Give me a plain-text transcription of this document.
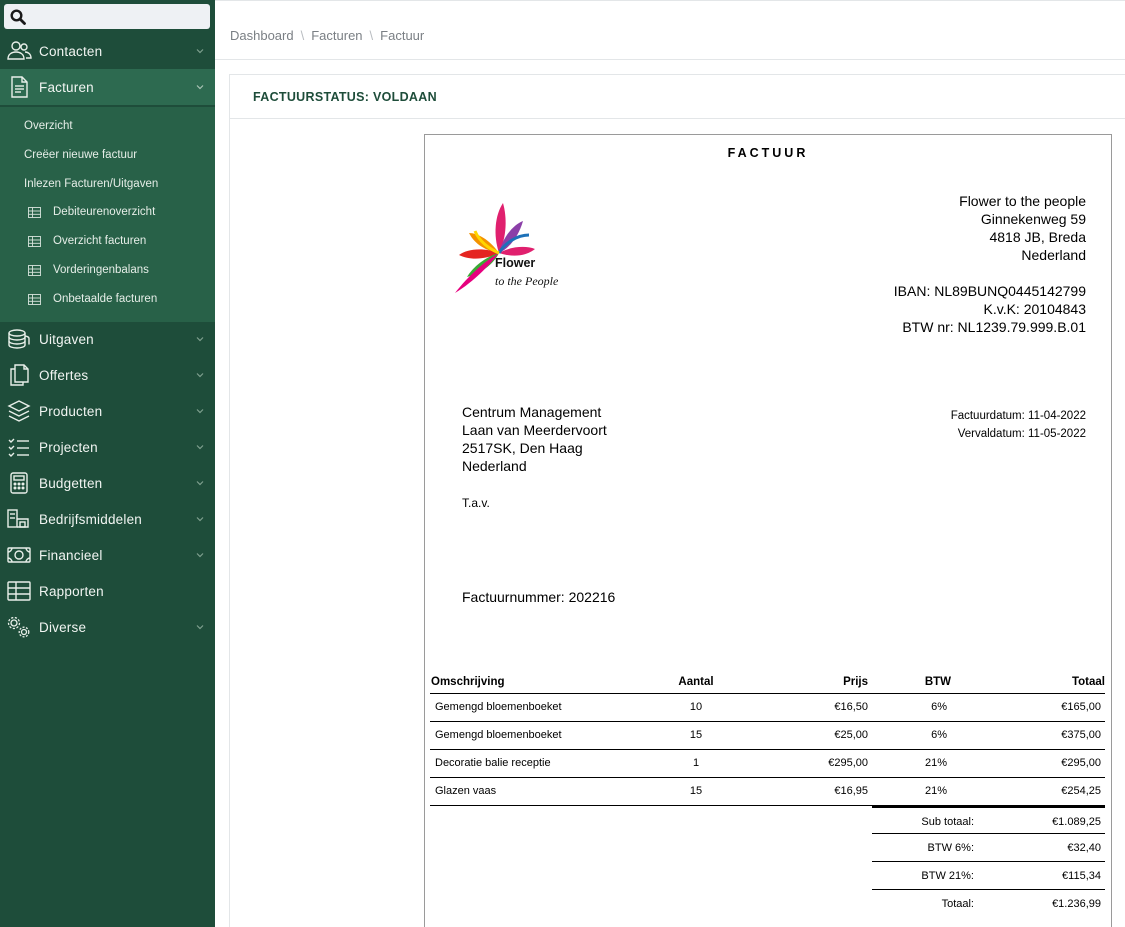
Contacten
Facturen
Overzicht
Creëer nieuwe factuur
Inlezen Facturen/Uitgaven
Debiteurenoverzicht
Overzicht facturen
Vorderingenbalans
Onbetaalde facturen
Uitgaven
Offertes
Producten
Projecten
Budgetten
Bedrijfsmiddelen
Financieel
Rapporten
Diverse
Dashboard \ Facturen \ Factuur
FACTUURSTATUS: VOLDAAN
FACTUUR
Flower
to the People
Flower to the people
Ginnekenweg 59
4818 JB, Breda
Nederland
IBAN: NL89BUNQ0445142799
K.v.K: 20104843
BTW nr: NL1239.79.999.B.01
Centrum Management
Laan van Meerdervoort
2517SK, Den Haag
Nederland
T.a.v.
Factuurdatum: 11-04-2022
Vervaldatum: 11-05-2022
Factuurnummer: 202216
Omschrijving	Aantal	Prijs	BTW	Totaal
Gemengd bloemenboeket	10	€16,50	6%	€165,00
Gemengd bloemenboeket	15	€25,00	6%	€375,00
Decoratie balie receptie	1	€295,00	21%	€295,00
Glazen vaas	15	€16,95	21%	€254,25
Sub totaal:	€1.089,25
BTW 6%:	€32,40
BTW 21%:	€115,34
Totaal:	€1.236,99
